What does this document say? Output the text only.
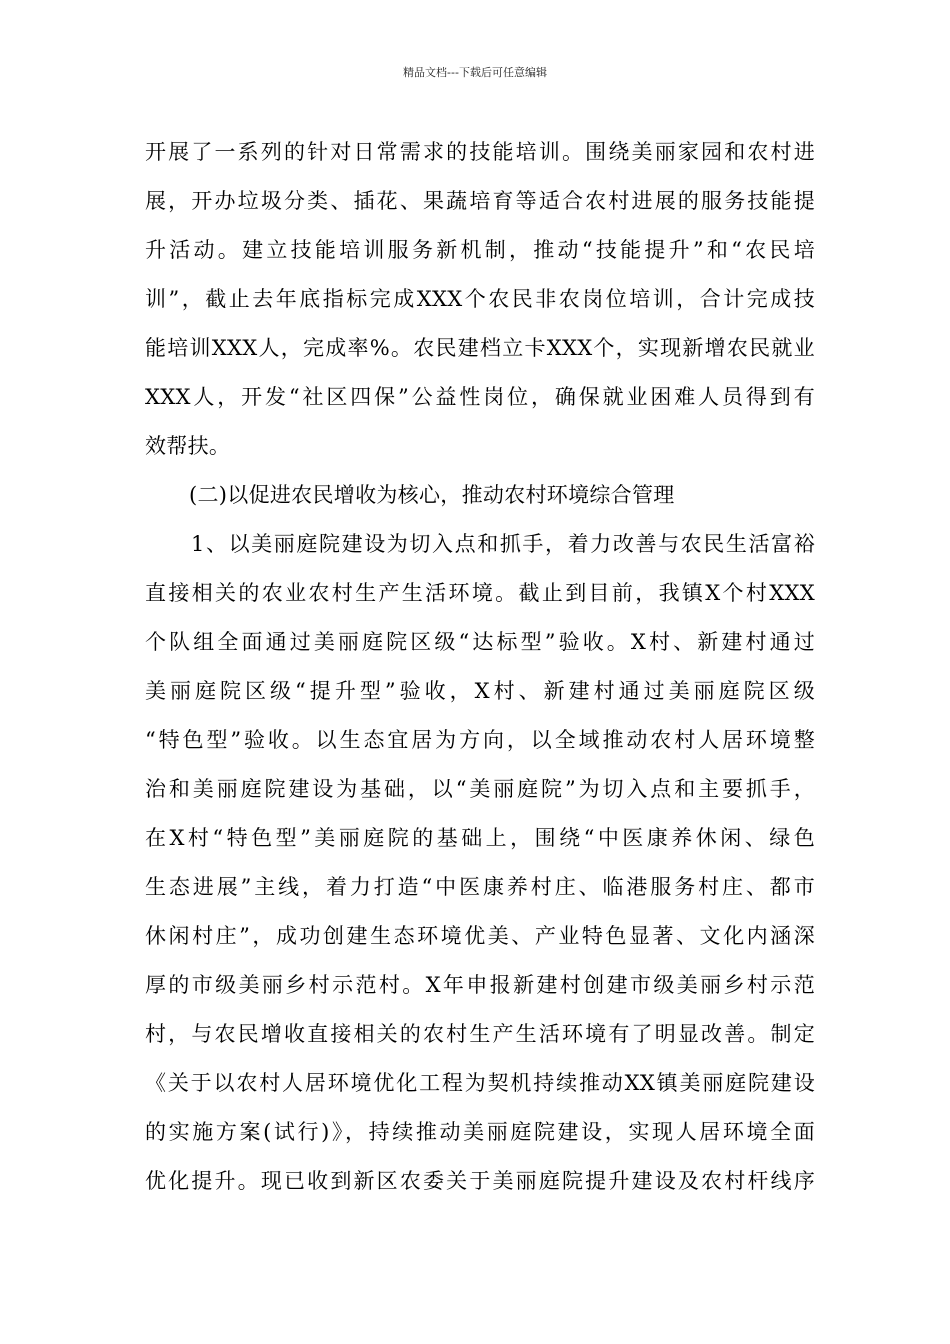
精品文档---下载后可任意编辑
开展了一系列的针对日常需求的技能培训。围绕美丽家园和农村进
展，开办垃圾分类、插花、果蔬培育等适合农村进展的服务技能提
升活动。建立技能培训服务新机制，推动“技能提升”和“农民培
训”，截止去年底指标完成XXX个农民非农岗位培训，合计完成技
能培训XXX人，完成率%。农民建档立卡XXX个，实现新增农民就业
XXX人，开发“社区四保”公益性岗位，确保就业困难人员得到有
效帮扶。
(二)以促进农民增收为核心，推动农村环境综合管理
1、以美丽庭院建设为切入点和抓手，着力改善与农民生活富裕
直接相关的农业农村生产生活环境。截止到目前，我镇X个村XXX
个队组全面通过美丽庭院区级“达标型”验收。X村、新建村通过
美丽庭院区级“提升型”验收，X村、新建村通过美丽庭院区级
“特色型”验收。以生态宜居为方向，以全域推动农村人居环境整
治和美丽庭院建设为基础，以“美丽庭院”为切入点和主要抓手，
在X村“特色型”美丽庭院的基础上，围绕“中医康养休闲、绿色
生态进展”主线，着力打造“中医康养村庄、临港服务村庄、都市
休闲村庄”，成功创建生态环境优美、产业特色显著、文化内涵深
厚的市级美丽乡村示范村。X年申报新建村创建市级美丽乡村示范
村，与农民增收直接相关的农村生产生活环境有了明显改善。制定
《关于以农村人居环境优化工程为契机持续推动XX镇美丽庭院建设
的实施方案(试行)》，持续推动美丽庭院建设，实现人居环境全面
优化提升。现已收到新区农委关于美丽庭院提升建设及农村杆线序
